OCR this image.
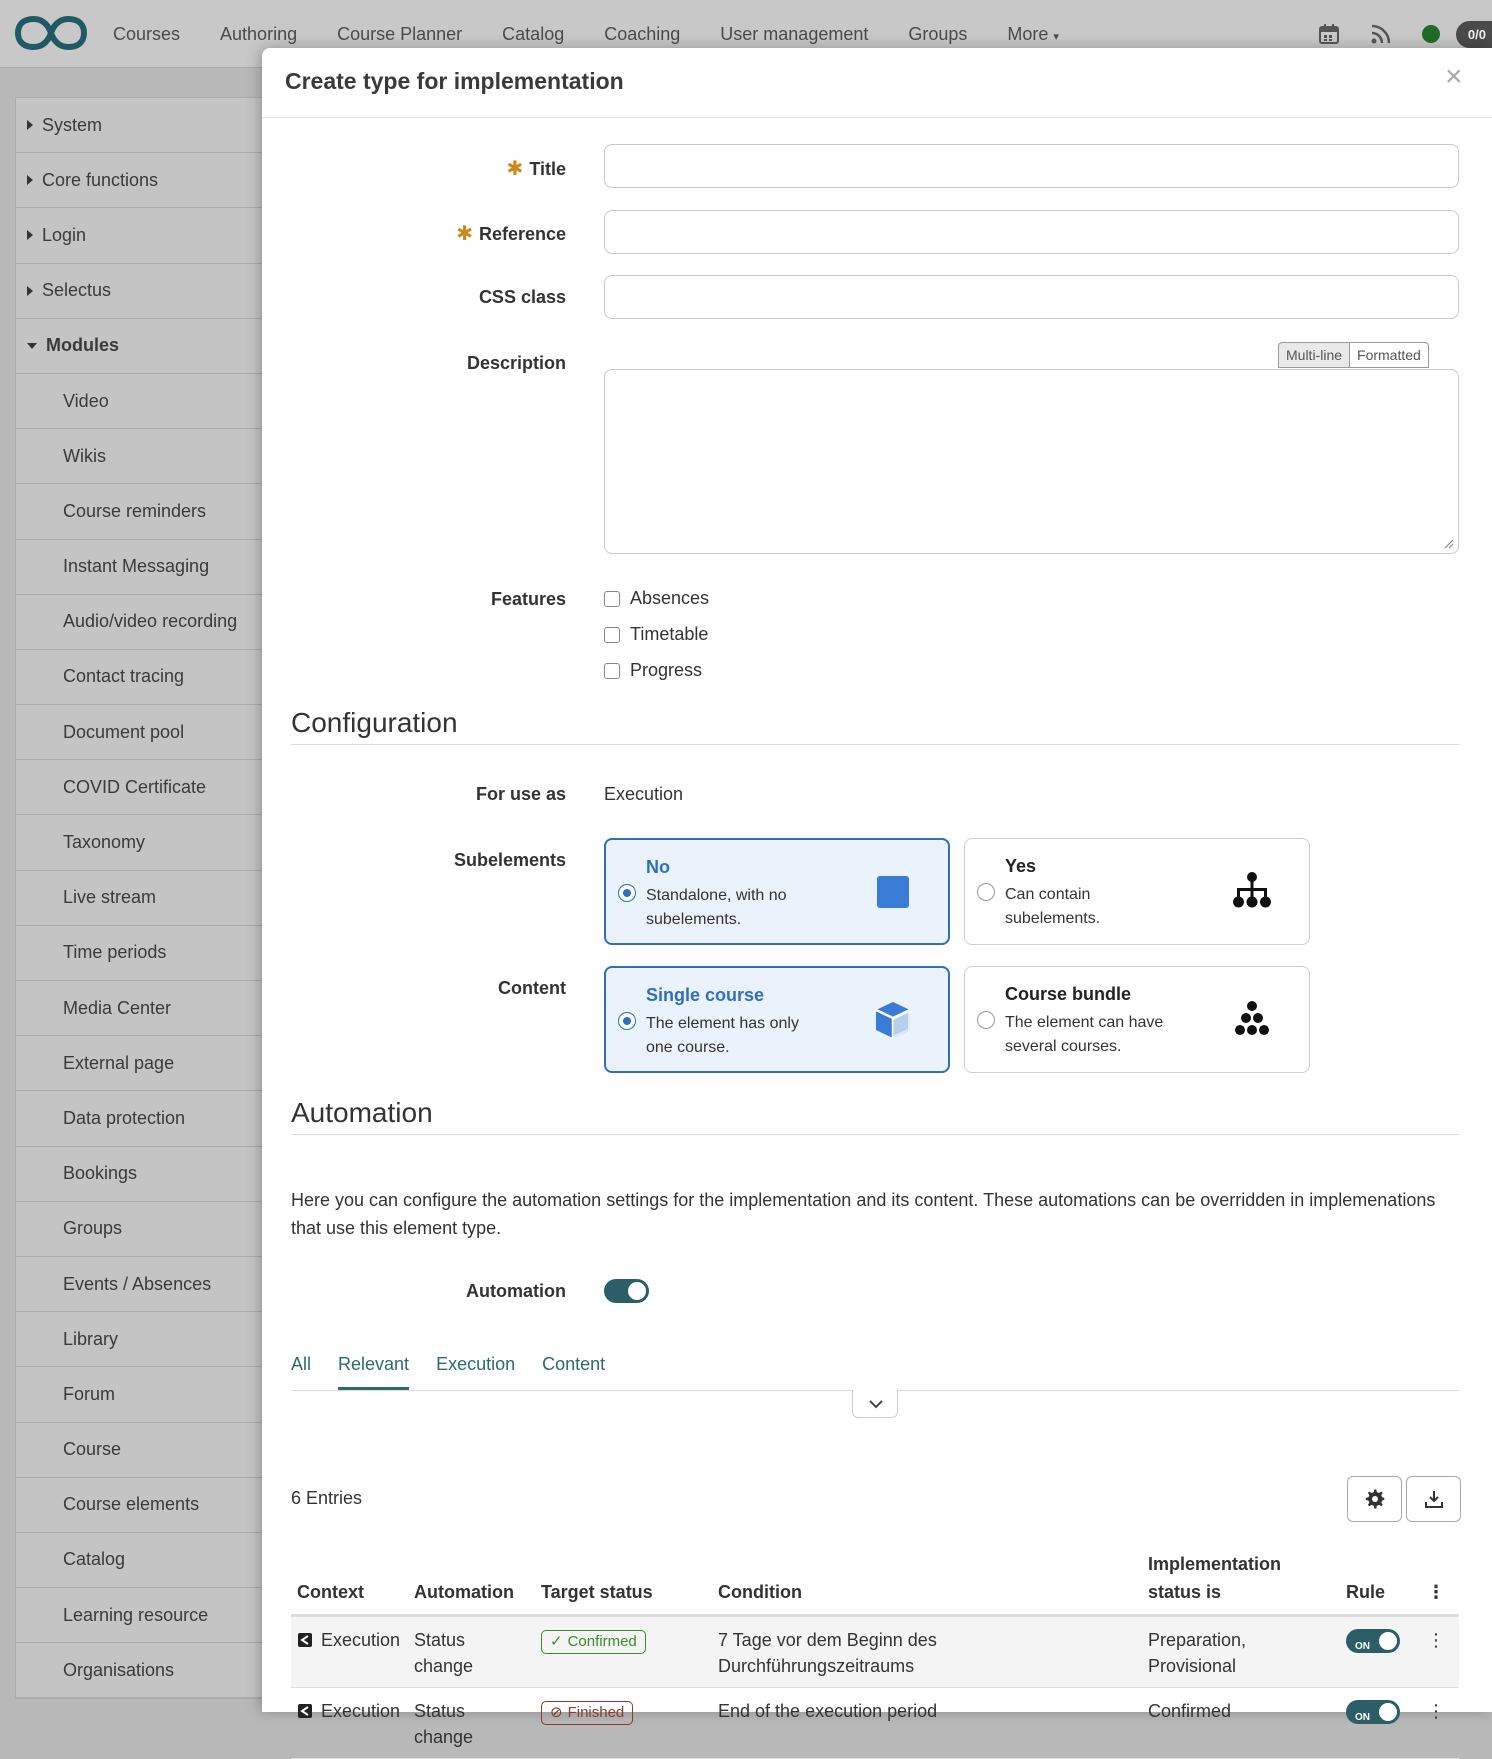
Courses Authoring Course Planner Catalog Coaching User management Groups More ▾	0/0
System
Core functions
Login
Selectus
Modules
Video
Wikis
Course reminders
Instant Messaging
Audio/video recording
Contact tracing
Document pool
COVID Certificate
Taxonomy
Live stream
Time periods
Media Center
External page
Data protection
Bookings
Groups
Events / Absences
Library
Forum
Course
Course elements
Catalog
Learning resource
Organisations
Create type for implementation	×
✱ Title
✱ Reference
CSS class
Description	Multi-line	Formatted
Features	Absences
Timetable
Progress
Configuration
For use as Execution
Subelements	No
Standalone, with no subelements.
Yes
Can contain subelements.
Content	Single course
The element has only one course.
Course bundle
The element can have several courses.
Automation
Here you can configure the automation settings for the implementation and its content. These automations can be overridden in implemenations that use this element type.
Automation
All Relevant Execution Content
6 Entries
Context	Automation	Target status	Condition	Implementation status is	Rule	⋮

Execution	Status change	✓ Confirmed	7 Tage vor dem Beginn des Durchführungszeitraums	Preparation, Provisional	ON	⋮

Execution	Status change	⊘ Finished	End of the execution period	Confirmed	ON	⋮
